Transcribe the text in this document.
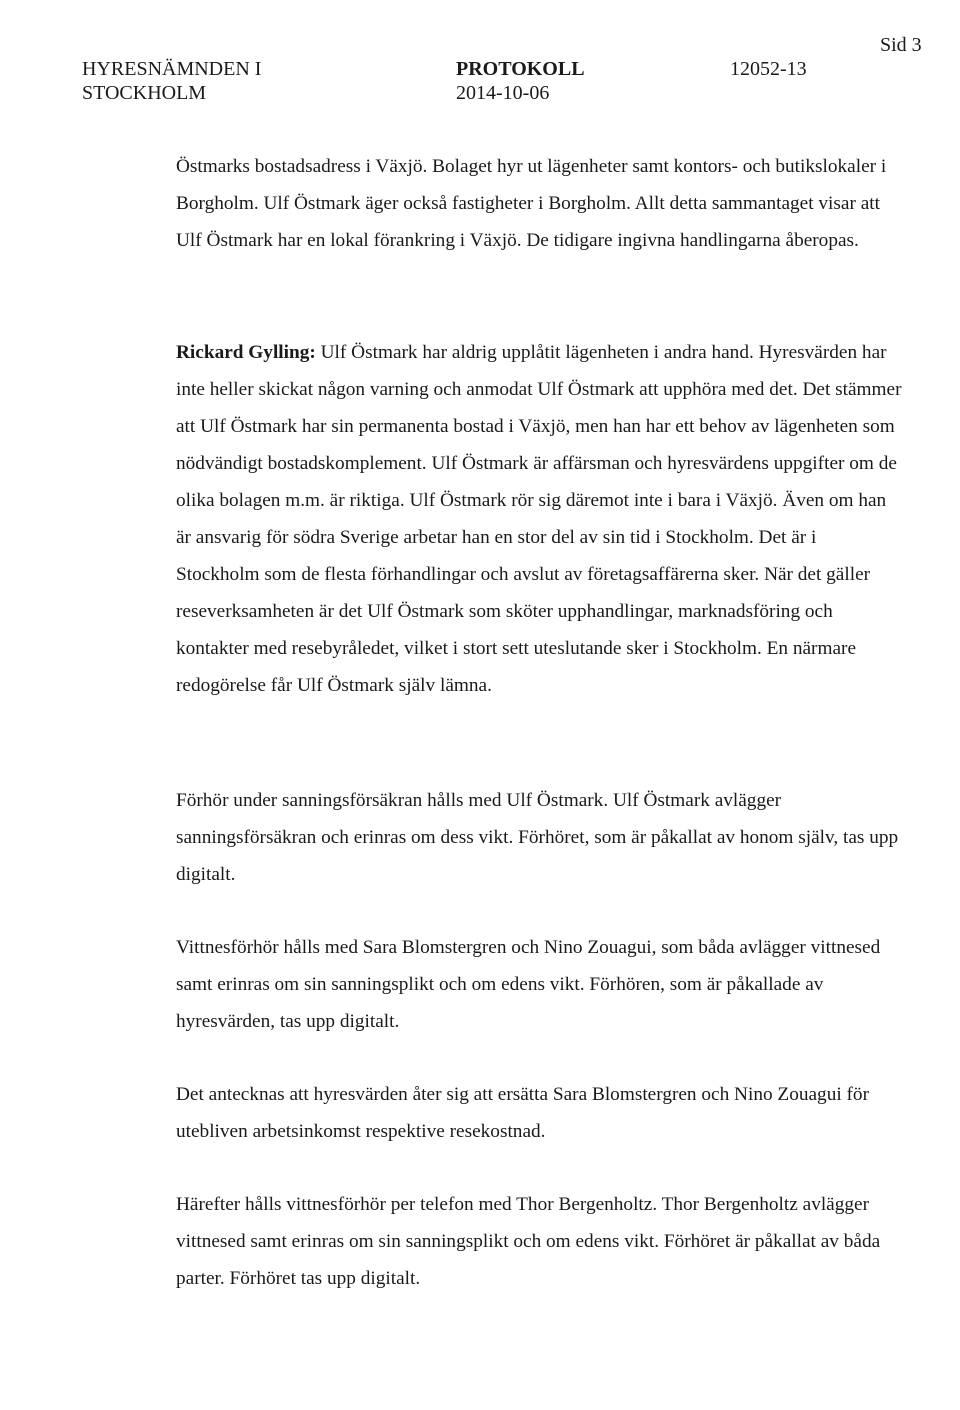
HYRESNÄMNDEN I
STOCKHOLM
PROTOKOLL
2014-10-06
12052-13
Sid 3

Östmarks bostadsadress i Växjö. Bolaget hyr ut lägenheter samt kontors- och butikslokaler i Borgholm. Ulf Östmark äger också fastigheter i Borgholm. Allt detta sammantaget visar att Ulf Östmark har en lokal förankring i Växjö. De tidigare ingivna handlingarna åberopas.

Rickard Gylling: Ulf Östmark har aldrig upplåtit lägenheten i andra hand. Hyresvärden har inte heller skickat någon varning och anmodat Ulf Östmark att upphöra med det. Det stämmer att Ulf Östmark har sin permanenta bostad i Växjö, men han har ett behov av lägenheten som nödvändigt bostadskomplement. Ulf Östmark är affärsman och hyresvärdens uppgifter om de olika bolagen m.m. är riktiga. Ulf Östmark rör sig däremot inte i bara i Växjö. Även om han är ansvarig för södra Sverige arbetar han en stor del av sin tid i Stockholm. Det är i Stockholm som de flesta förhandlingar och avslut av företagsaffärerna sker. När det gäller reseverksamheten är det Ulf Östmark som sköter upphandlingar, marknadsföring och kontakter med resebyråledet, vilket i stort sett uteslutande sker i Stockholm. En närmare redogörelse får Ulf Östmark själv lämna.

Förhör under sanningsförsäkran hålls med Ulf Östmark. Ulf Östmark avlägger sanningsförsäkran och erinras om dess vikt. Förhöret, som är påkallat av honom själv, tas upp digitalt.

Vittnesförhör hålls med Sara Blomstergren och Nino Zouagui, som båda avlägger vittnesed samt erinras om sin sanningsplikt och om edens vikt. Förhören, som är påkallade av hyresvärden, tas upp digitalt.

Det antecknas att hyresvärden åter sig att ersätta Sara Blomstergren och Nino Zouagui för utebliven arbetsinkomst respektive resekostnad.

Härefter hålls vittnesförhör per telefon med Thor Bergenholtz. Thor Bergenholtz avlägger vittnesed samt erinras om sin sanningsplikt och om edens vikt. Förhöret är påkallat av båda parter. Förhöret tas upp digitalt.
